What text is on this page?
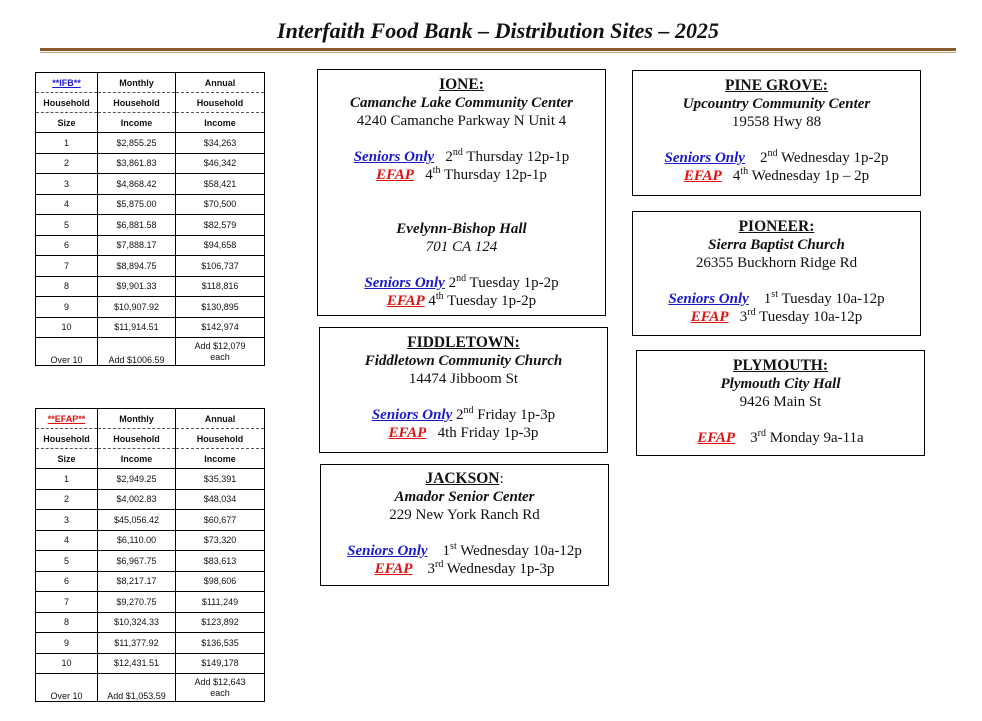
Interfaith Food Bank – Distribution Sites – 2025
**IFB**	Monthly	Annual
Household	Household	Household
Size	Income	Income
1	$2,855.25	$34,263
2	$3,861.83	$46,342
3	$4,868.42	$58,421
4	$5,875.00	$70,500
5	$6,881.58	$82,579
6	$7,888.17	$94,658
7	$8,894.75	$106,737
8	$9,901.33	$118,816
9	$10,907.92	$130,895
10	$11,914.51	$142,974
Over 10	Add $1006.59	Add $12,079
each
**EFAP**	Monthly	Annual
Household	Household	Household
Size	Income	Income
1	$2,949.25	$35,391
2	$4,002.83	$48,034
3	$45,056.42	$60,677
4	$6,110.00	$73,320
5	$6,967.75	$83,613
6	$8,217.17	$98,606
7	$9,270.75	$111,249
8	$10,324.33	$123,892
9	$11,377.92	$136,535
10	$12,431.51	$149,178
Over 10	Add $1,053.59	Add $12,643
each
IONE:
Camanche Lake Community Center
4240 Camanche Parkway N Unit 4
Seniors Only 2nd Thursday 12p-1p
EFAP 4th Thursday 12p-1p
Evelynn-Bishop Hall
701 CA 124
Seniors Only 2nd Tuesday 1p-2p
EFAP 4th Tuesday 1p-2p
FIDDLETOWN:
Fiddletown Community Church
14474 Jibboom St
Seniors Only 2nd Friday 1p-3p
EFAP 4th Friday 1p-3p
JACKSON:
Amador Senior Center
229 New York Ranch Rd
Seniors Only 1st Wednesday 10a-12p
EFAP 3rd Wednesday 1p-3p
PINE GROVE:
Upcountry Community Center
19558 Hwy 88
Seniors Only 2nd Wednesday 1p-2p
EFAP 4th Wednesday 1p – 2p
PIONEER:
Sierra Baptist Church
26355 Buckhorn Ridge Rd
Seniors Only 1st Tuesday 10a-12p
EFAP 3rd Tuesday 10a-12p
PLYMOUTH:
Plymouth City Hall
9426 Main St
EFAP 3rd Monday 9a-11a
